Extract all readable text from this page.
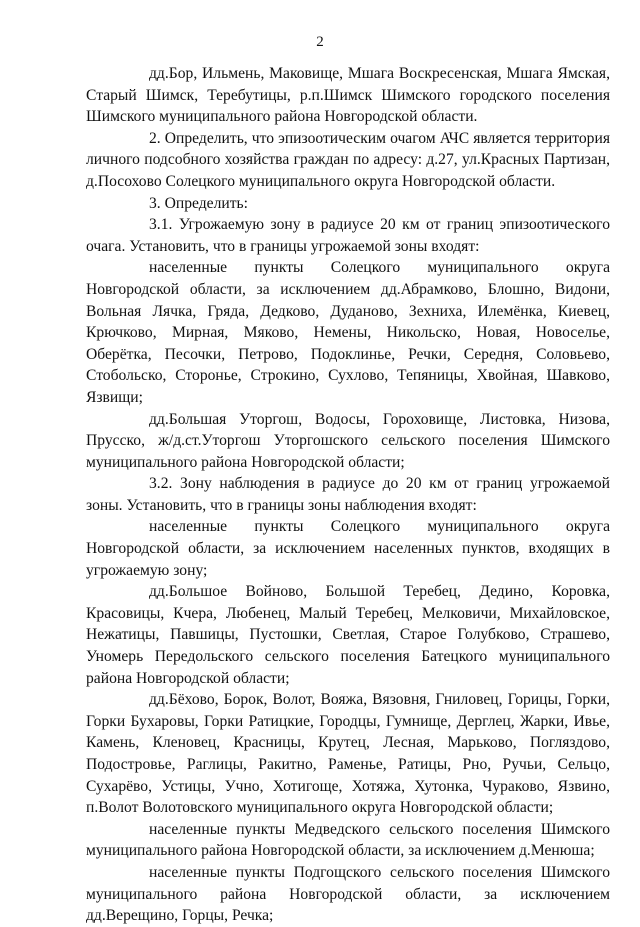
2

дд.Бор, Ильмень, Маковище, Мшага Воскресенская, Мшага Ямская, Старый Шимск, Теребутицы, р.п.Шимск Шимского городского поселения Шимского муниципального района Новгородской области.

2. Определить, что эпизоотическим очагом АЧС является территория личного подсобного хозяйства граждан по адресу: д.27, ул.Красных Партизан, д.Посохово Солецкого муниципального округа Новгородской области.

3. Определить:

3.1. Угрожаемую зону в радиусе 20 км от границ эпизоотического очага. Установить, что в границы угрожаемой зоны входят:

населенные пункты Солецкого муниципального округа Новгородской области, за исключением дд.Абрамково, Блошно, Видони, Вольная Лячка, Гряда, Дедково, Дуданово, Зехниха, Илемёнка, Киевец, Крючково, Мирная, Мяково, Немены, Никольско, Новая, Новоселье, Оберётка, Песочки, Петрово, Подоклинье, Речки, Середня, Соловьево, Стобольско, Сторонье, Строкино, Сухлово, Тепяницы, Хвойная, Шавково, Язвищи;

дд.Большая Уторгош, Водосы, Гороховище, Листовка, Низова, Прусско, ж/д.ст.Уторгош Уторгошского сельского поселения Шимского муниципального района Новгородской области;

3.2. Зону наблюдения в радиусе до 20 км от границ угрожаемой зоны. Установить, что в границы зоны наблюдения входят:

населенные пункты Солецкого муниципального округа Новгородской области, за исключением населенных пунктов, входящих в угрожаемую зону;

дд.Большое Войново, Большой Теребец, Дедино, Коровка, Красовицы, Кчера, Любенец, Малый Теребец, Мелковичи, Михайловское, Нежатицы, Павшицы, Пустошки, Светлая, Старое Голубково, Страшево, Уномерь Передольского сельского поселения Батецкого муниципального района Новгородской области;

дд.Бёхово, Борок, Волот, Вояжа, Вязовня, Гниловец, Горицы, Горки, Горки Бухаровы, Горки Ратицкие, Городцы, Гумнище, Дерглец, Жарки, Ивье, Камень, Кленовец, Красницы, Крутец, Лесная, Марьково, Погляздово, Подостровье, Раглицы, Ракитно, Раменье, Ратицы, Рно, Ручьи, Сельцо, Сухарёво, Устицы, Учно, Хотигоще, Хотяжа, Хутонка, Чураково, Язвино, п.Волот Волотовского муниципального округа Новгородской области;

населенные пункты Медведского сельского поселения Шимского муниципального района Новгородской области, за исключением д.Менюша;

населенные пункты Подгощского сельского поселения Шимского муниципального района Новгородской области, за исключением дд.Верещино, Горцы, Речка;
